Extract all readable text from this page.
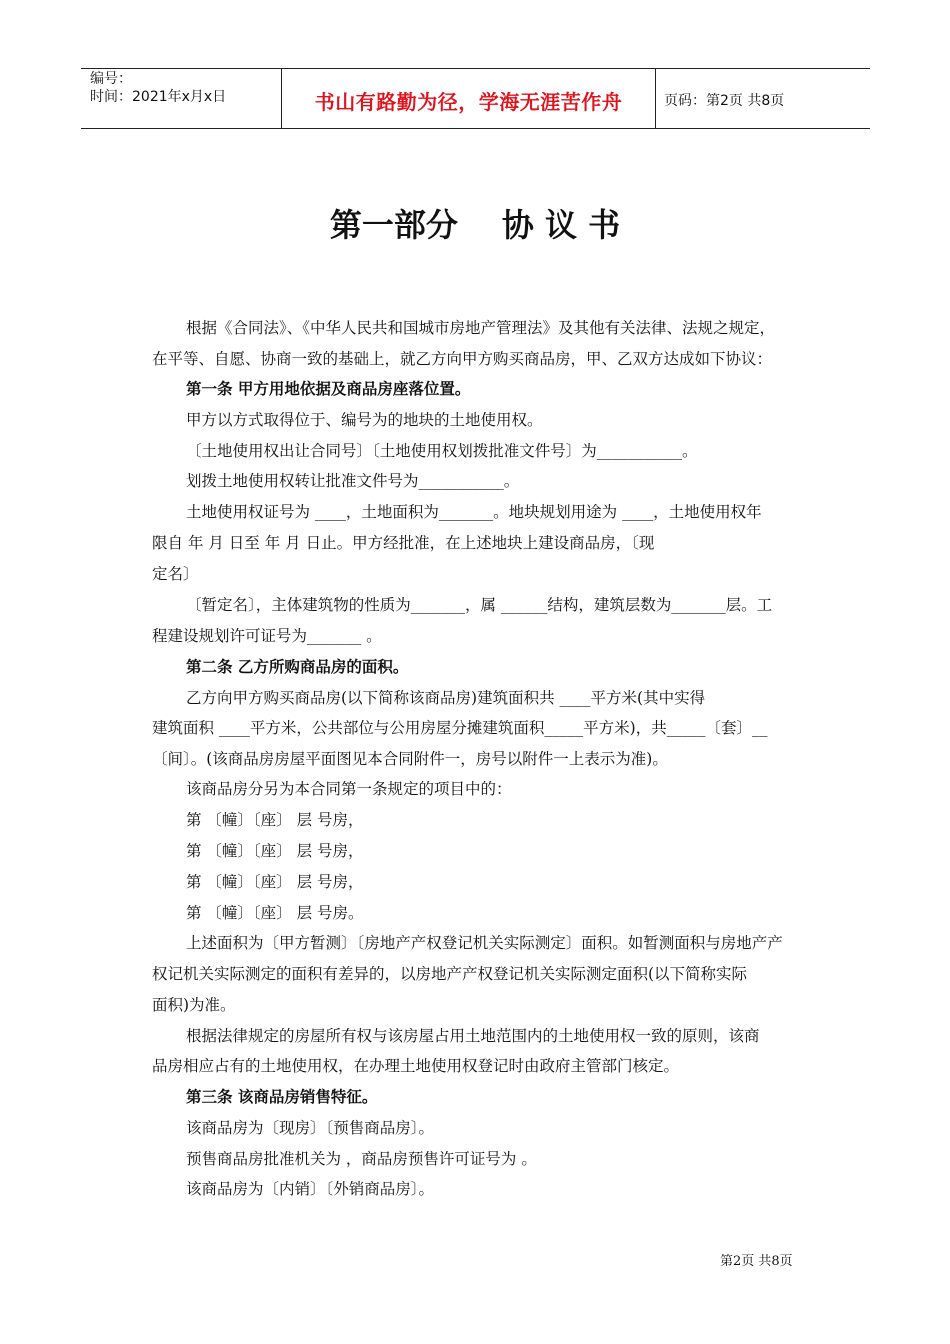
编号：
时间：2021年x月x日	书山有路勤为径，学海无涯苦作舟	页码：第2页 共8页
第一部分 协 议 书
根据《合同法》、《中华人民共和国城市房地产管理法》及其他有关法律、法规之规定，
在平等、自愿、协商一致的基础上，就乙方向甲方购买商品房，甲、乙双方达成如下协议：
第一条 甲方用地依据及商品房座落位置。
甲方以方式取得位于、编号为的地块的土地使用权。
〔土地使用权出让合同号〕〔土地使用权划拨批准文件号〕为___________。
划拨土地使用权转让批准文件号为___________。
土地使用权证号为 ____，土地面积为_______。地块规划用途为 ____，土地使用权年
限自 年 月 日至 年 月 日止。甲方经批准，在上述地块上建设商品房，〔现
定名〕
〔暂定名〕，主体建筑物的性质为_______，属 ______结构，建筑层数为_______层。工
程建设规划许可证号为_______ 。
第二条 乙方所购商品房的面积。
乙方向甲方购买商品房(以下简称该商品房)建筑面积共 ____平方米(其中实得
建筑面积 ____平方米，公共部位与公用房屋分摊建筑面积_____平方米)，共_____〔套〕__
〔间〕。(该商品房房屋平面图见本合同附件一，房号以附件一上表示为准)。
该商品房分另为本合同第一条规定的项目中的：
第 〔幢〕〔座〕 层 号房，
第 〔幢〕〔座〕 层 号房，
第 〔幢〕〔座〕 层 号房，
第 〔幢〕〔座〕 层 号房。
上述面积为〔甲方暂测〕〔房地产产权登记机关实际测定〕面积。如暂测面积与房地产产
权记机关实际测定的面积有差异的，以房地产产权登记机关实际测定面积(以下简称实际
面积)为准。
根据法律规定的房屋所有权与该房屋占用土地范围内的土地使用权一致的原则，该商
品房相应占有的土地使用权，在办理土地使用权登记时由政府主管部门核定。
第三条 该商品房销售特征。
该商品房为〔现房〕〔预售商品房〕。
预售商品房批准机关为 ，商品房预售许可证号为 。
该商品房为〔内销〕〔外销商品房〕。
第2页 共8页
